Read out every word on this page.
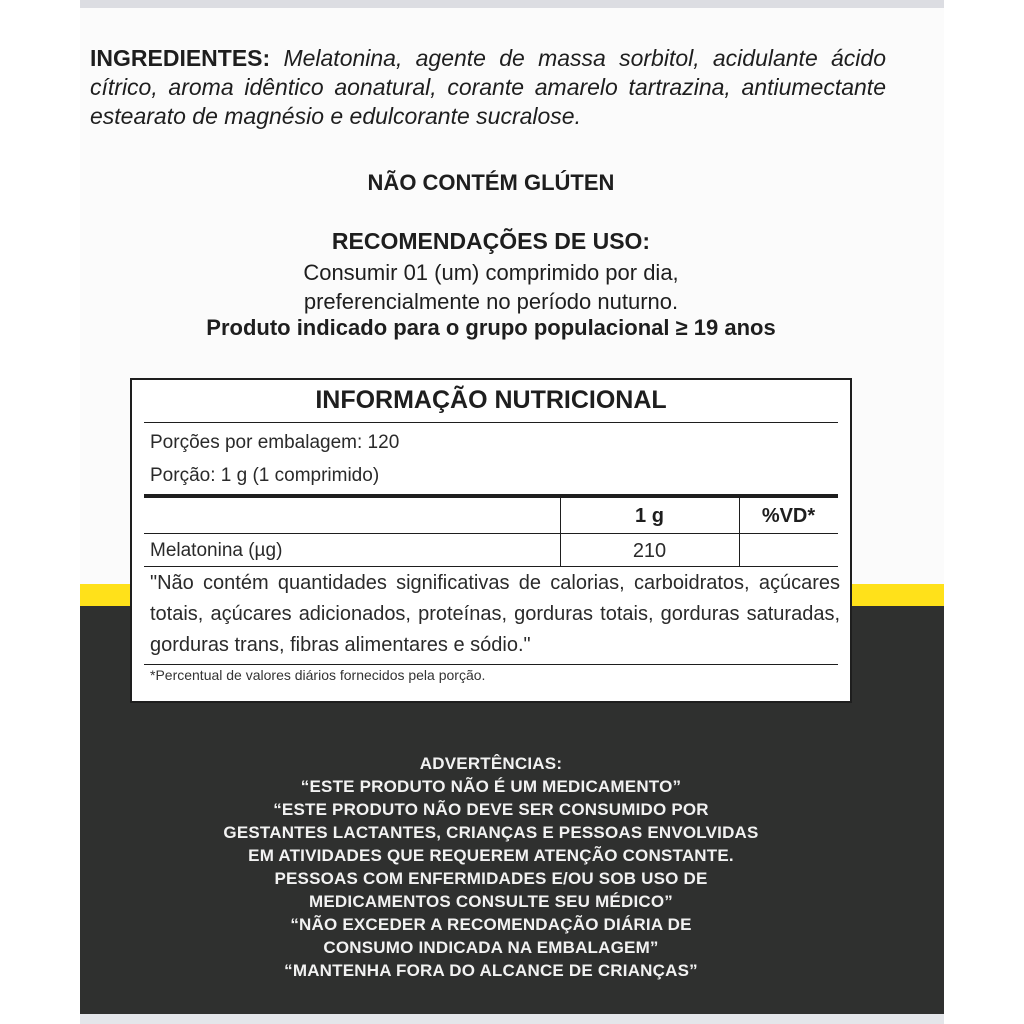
INGREDIENTES: Melatonina, agente de massa sorbitol, acidulante ácido cítrico, aroma idêntico aonatural, corante amarelo tartrazina, antiumectante estearato de magnésio e edulcorante sucralose.

NÃO CONTÉM GLÚTEN

RECOMENDAÇÕES DE USO:

Consumir 01 (um) comprimido por dia,
preferencialmente no período nuturno.

Produto indicado para o grupo populacional ≥ 19 anos

INFORMAÇÃO NUTRICIONAL
Porções por embalagem: 120
Porção: 1 g (1 comprimido)
1 g	%VD*
Melatonina (µg)	210

"Não contém quantidades significativas de calorias, carboidratos, açúcares totais, açúcares adicionados, proteínas, gorduras totais, gorduras saturadas, gorduras trans, fibras alimentares e sódio."

*Percentual de valores diários fornecidos pela porção.
ADVERTÊNCIAS:
“ESTE PRODUTO NÃO É UM MEDICAMENTO”
“ESTE PRODUTO NÃO DEVE SER CONSUMIDO POR
GESTANTES LACTANTES, CRIANÇAS E PESSOAS ENVOLVIDAS
EM ATIVIDADES QUE REQUEREM ATENÇÃO CONSTANTE.
PESSOAS COM ENFERMIDADES E/OU SOB USO DE
MEDICAMENTOS CONSULTE SEU MÉDICO”
“NÃO EXCEDER A RECOMENDAÇÃO DIÁRIA DE
CONSUMO INDICADA NA EMBALAGEM”
“MANTENHA FORA DO ALCANCE DE CRIANÇAS”
